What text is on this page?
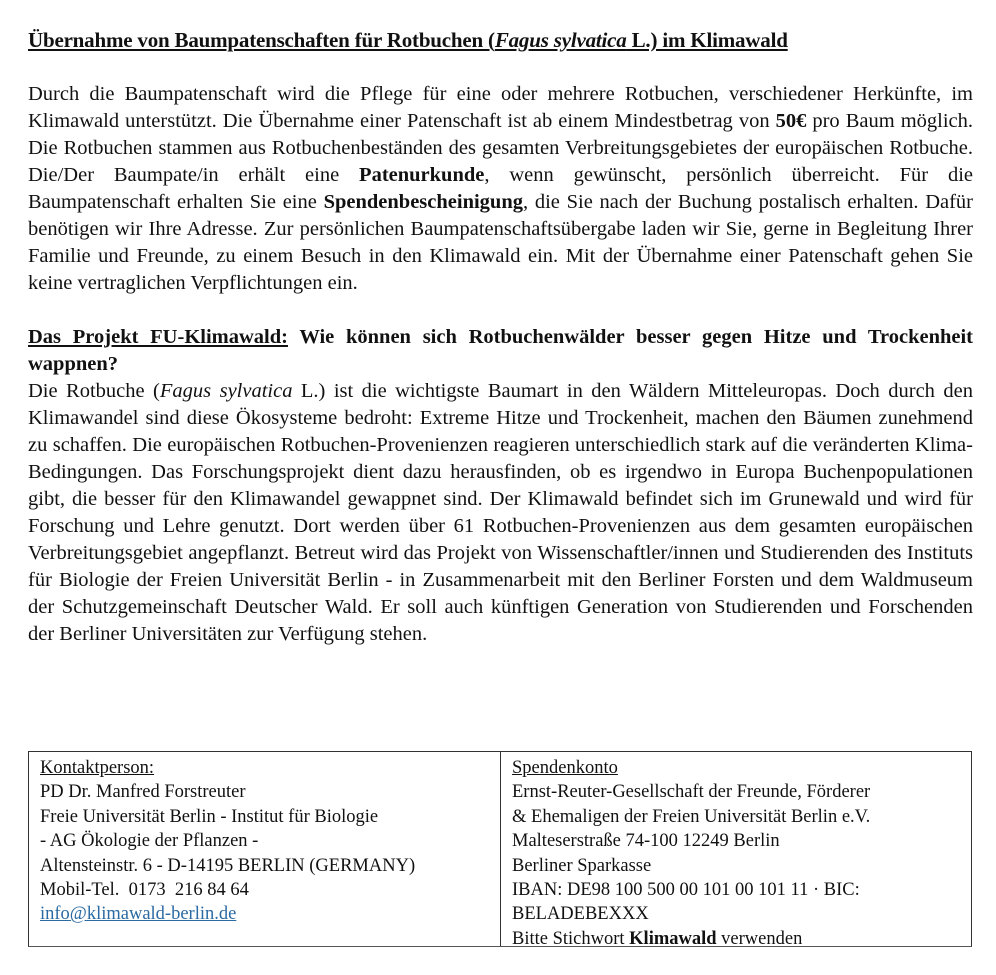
Übernahme von Baumpatenschaften für Rotbuchen (Fagus sylvatica L.) im Klimawald

Durch die Baumpatenschaft wird die Pflege für eine oder mehrere Rotbuchen, verschiedener Herkünfte, im Klimawald unterstützt. Die Übernahme einer Patenschaft ist ab einem Mindestbetrag von 50€ pro Baum möglich. Die Rotbuchen stammen aus Rotbuchenbeständen des gesamten Verbreitungsgebietes der europäischen Rotbuche. Die/Der Baumpate/in erhält eine Patenurkunde, wenn gewünscht, persönlich überreicht. Für die Baumpatenschaft erhalten Sie eine Spendenbescheinigung, die Sie nach der Buchung postalisch erhalten. Dafür benötigen wir Ihre Adresse. Zur persönlichen Baumpatenschaftsübergabe laden wir Sie, gerne in Begleitung Ihrer Familie und Freunde, zu einem Besuch in den Klimawald ein. Mit der Übernahme einer Patenschaft gehen Sie keine vertraglichen Verpflichtungen ein.

Das Projekt FU-Klimawald: Wie können sich Rotbuchenwälder besser gegen Hitze und Trockenheit wappnen?

Die Rotbuche (Fagus sylvatica L.) ist die wichtigste Baumart in den Wäldern Mitteleuropas. Doch durch den Klimawandel sind diese Ökosysteme bedroht: Extreme Hitze und Trockenheit, machen den Bäumen zunehmend zu schaffen. Die europäischen Rotbuchen-Provenienzen reagieren unterschiedlich stark auf die veränderten Klima-Bedingungen. Das Forschungsprojekt dient dazu herausfinden, ob es irgendwo in Europa Buchenpopulationen gibt, die besser für den Klimawandel gewappnet sind. Der Klimawald befindet sich im Grunewald und wird für Forschung und Lehre genutzt. Dort werden über 61 Rotbuchen-Provenienzen aus dem gesamten europäischen Verbreitungsgebiet angepflanzt. Betreut wird das Projekt von Wissenschaftler/innen und Studierenden des Instituts für Biologie der Freien Universität Berlin - in Zusammenarbeit mit den Berliner Forsten und dem Waldmuseum der Schutzgemeinschaft Deutscher Wald. Er soll auch künftigen Generation von Studierenden und Forschenden der Berliner Universitäten zur Verfügung stehen.

Kontaktperson:
PD Dr. Manfred Forstreuter
Freie Universität Berlin - Institut für Biologie
- AG Ökologie der Pflanzen -
Altensteinstr. 6 - D-14195 BERLIN (GERMANY)
Mobil-Tel.  0173  216 84 64
info@klimawald-berlin.de
Spendenkonto
Ernst-Reuter-Gesellschaft der Freunde, Förderer
& Ehemaligen der Freien Universität Berlin e.V.
Malteserstraße 74-100 12249 Berlin
Berliner Sparkasse
IBAN: DE98 100 500 00 101 00 101 11 · BIC:
BELADEBEXXX
Bitte Stichwort Klimawald verwenden
